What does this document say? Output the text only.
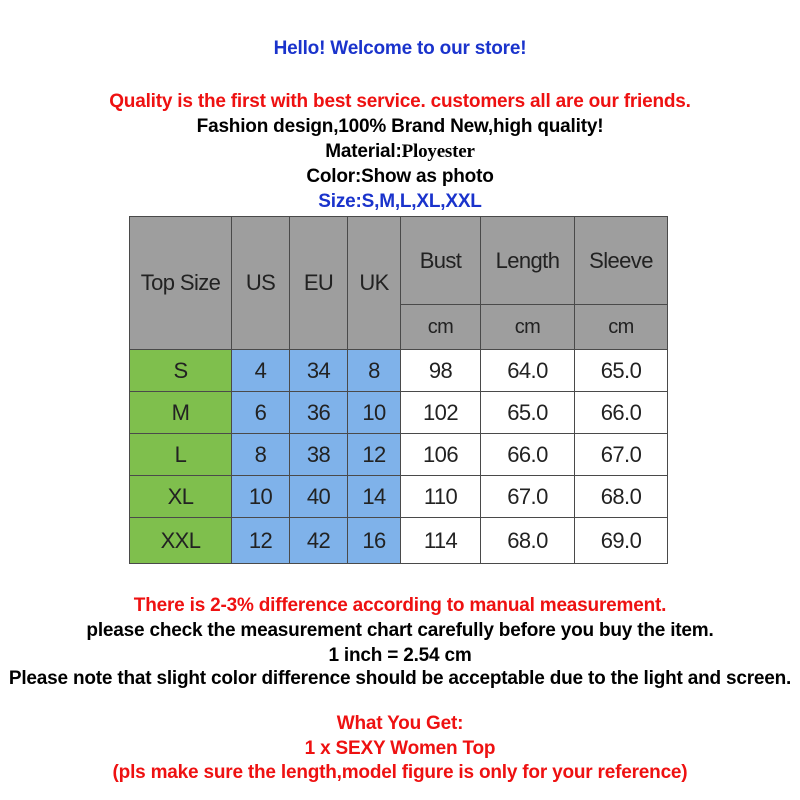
Hello! Welcome to our store!
Quality is the first with best service. customers all are our friends.
Fashion design,100% Brand New,high quality!
Material:Ployester
Color:Show as photo
Size:S,M,L,XL,XXL
Top Size	US	EU	UK	Bust	Length	Sleeve
				cm	cm	cm
S	4	34	8	98	64.0	65.0
M	6	36	10	102	65.0	66.0
L	8	38	12	106	66.0	67.0
XL	10	40	14	110	67.0	68.0
XXL	12	42	16	114	68.0	69.0
There is 2-3% difference according to manual measurement.
please check the measurement chart carefully before you buy the item.
1 inch = 2.54 cm
Please note that slight color difference should be acceptable due to the light and screen.
What You Get:
1 x SEXY Women Top
(pls make sure the length,model figure is only for your reference)
